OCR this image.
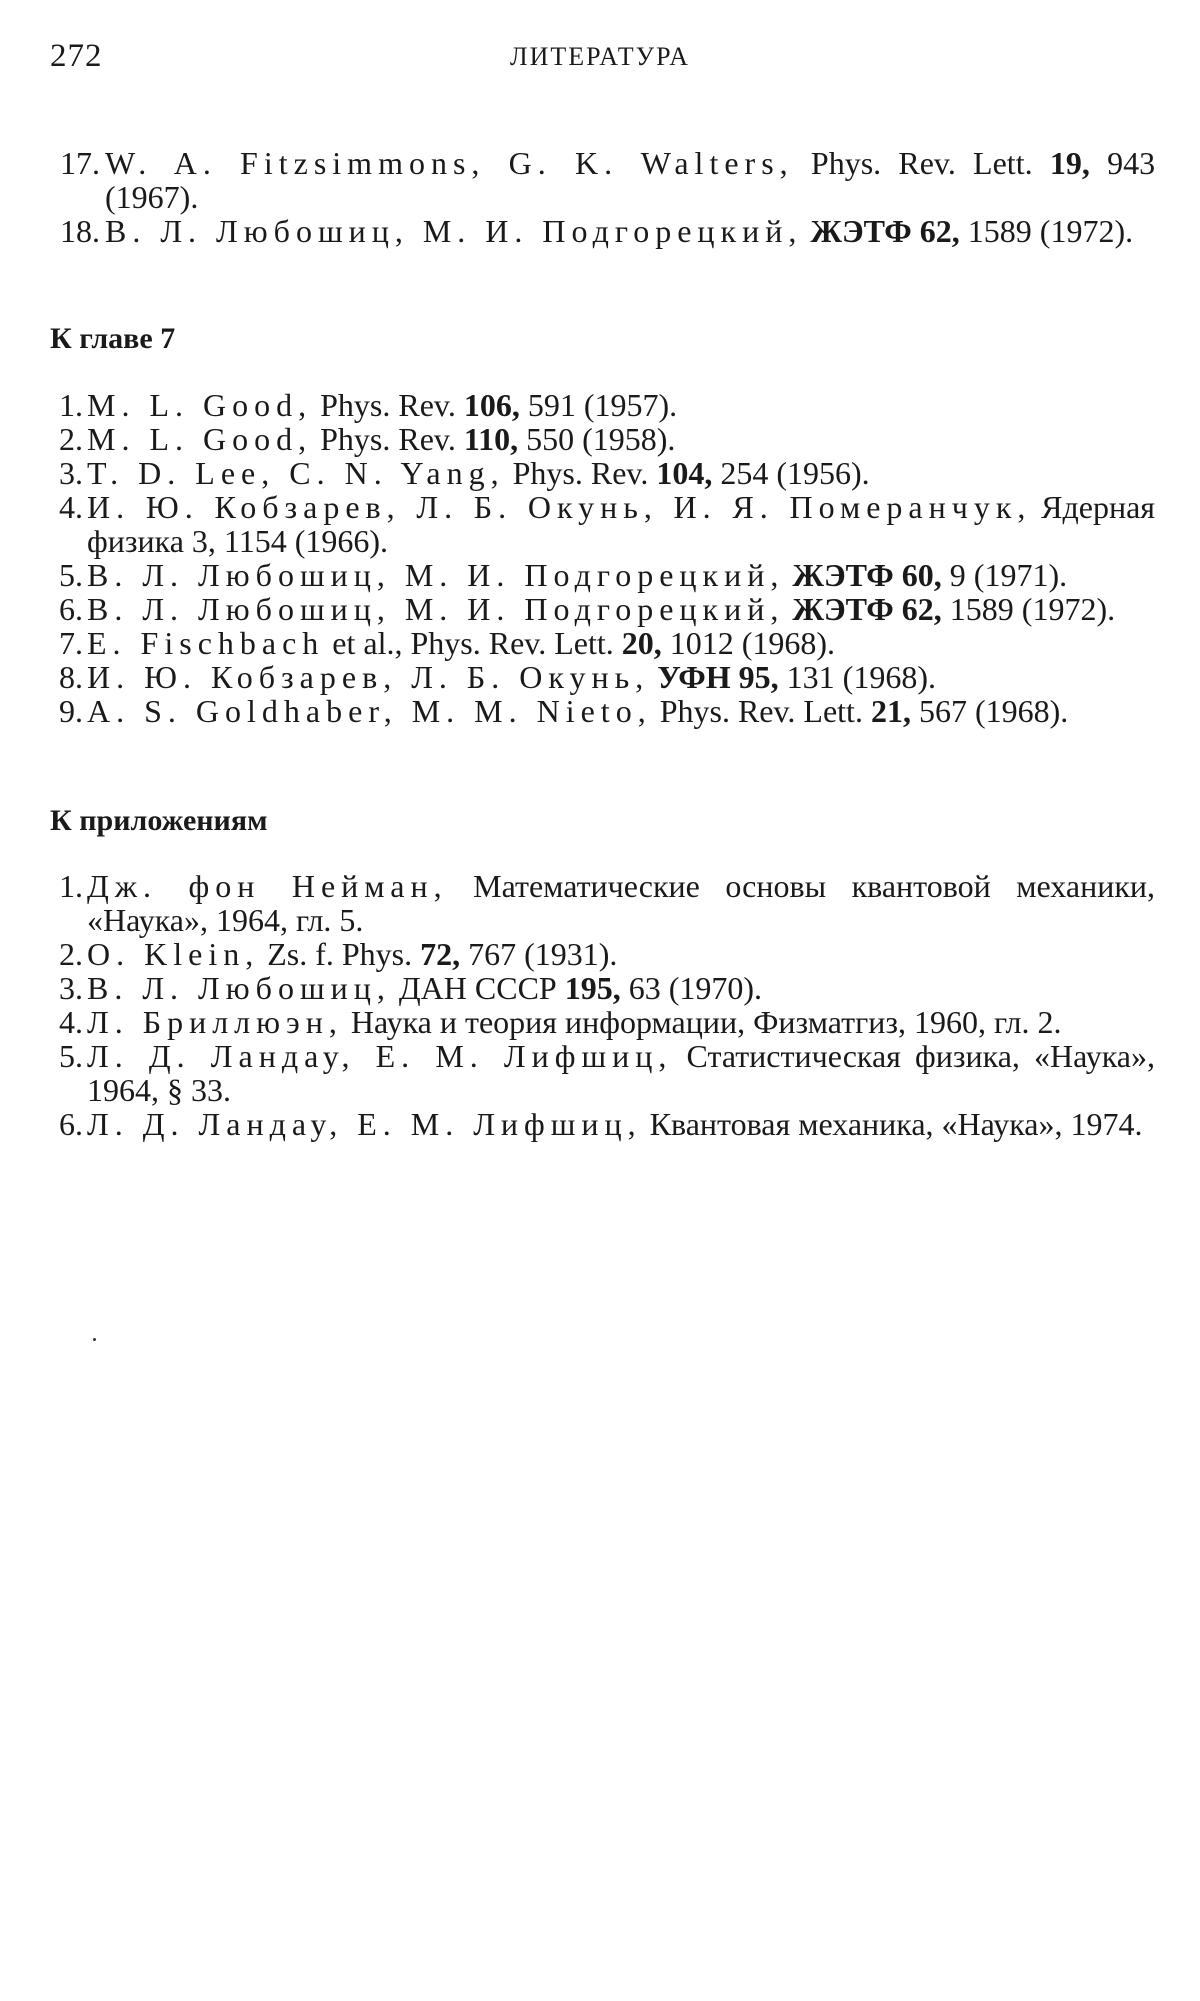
272	ЛИТЕРАТУРА
17. W. A. Fitzsimmons, G. K. Walters, Phys. Rev. Lett. 19, 943 (1967).
18. В. Л. Любошиц, М. И. Подгорецкий, ЖЭТФ 62, 1589 (1972).
К главе 7
1. M. L. Good, Phys. Rev. 106, 591 (1957).
2. M. L. Good, Phys. Rev. 110, 550 (1958).
3. T. D. Lee, C. N. Yang, Phys. Rev. 104, 254 (1956).
4. И. Ю. Кобзарев, Л. Б. Окунь, И. Я. Померанчук, Ядерная физика 3, 1154 (1966).
5. В. Л. Любошиц, М. И. Подгорецкий, ЖЭТФ 60, 9 (1971).
6. В. Л. Любошиц, М. И. Подгорецкий, ЖЭТФ 62, 1589 (1972).
7. E. Fischbach et al., Phys. Rev. Lett. 20, 1012 (1968).
8. И. Ю. Кобзарев, Л. Б. Окунь, УФН 95, 131 (1968).
9. A. S. Goldhaber, M. M. Nieto, Phys. Rev. Lett. 21, 567 (1968).
К приложениям
1. Дж. фон Нейман, Математические основы квантовой механики, «Наука», 1964, гл. 5.
2. O. Klein, Zs. f. Phys. 72, 767 (1931).
3. В. Л. Любошиц, ДАН СССР 195, 63 (1970).
4. Л. Бриллюэн, Наука и теория информации, Физматгиз, 1960, гл. 2.
5. Л. Д. Ландау, Е. М. Лифшиц, Статистическая физика, «Наука», 1964, § 33.
6. Л. Д. Ландау, Е. М. Лифшиц, Квантовая механика, «Наука», 1974.
